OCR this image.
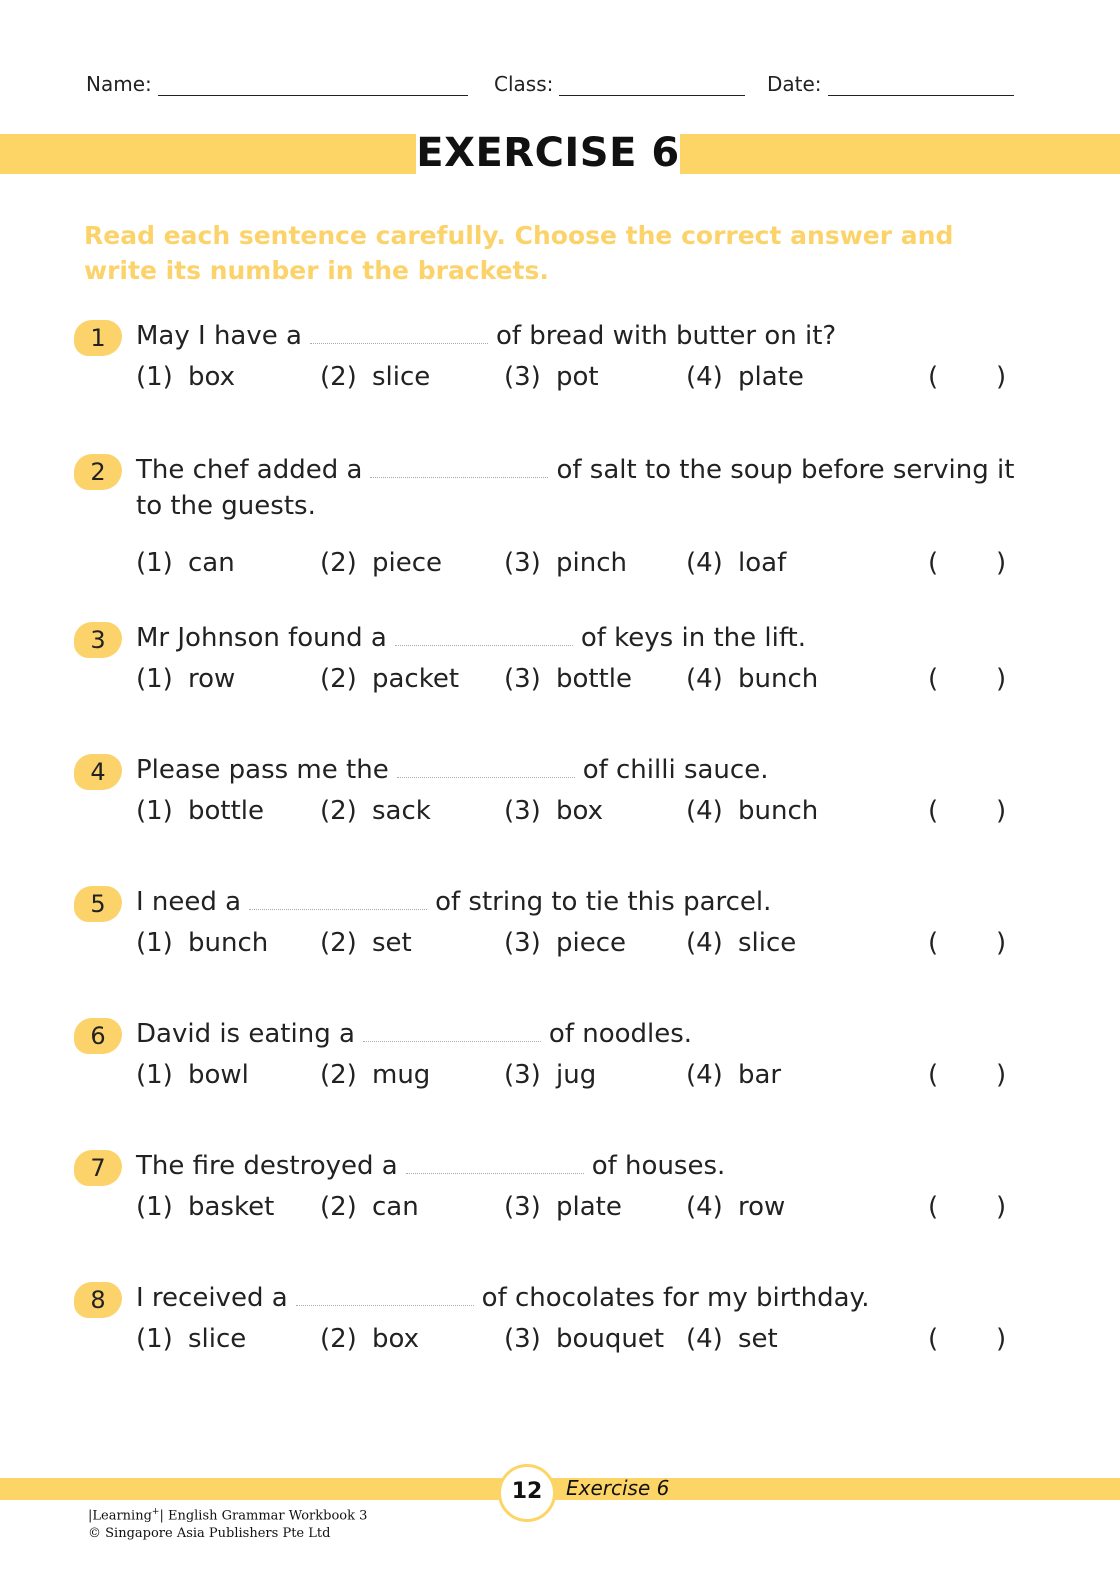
Name:	Class:	Date:
EXERCISE 6
Read each sentence carefully. Choose the correct answer and write its number in the brackets.
1	May I have a	of bread with butter on it?
(1) box	(2) slice	(3) pot	(4) plate	( )
2	The chef added a	of salt to the soup before serving it to the guests.
(1) can	(2) piece (3) pinch (4) loaf	( )
3	Mr Johnson found a	of keys in the lift.
(1) row	(2) packet (3) bottle (4) bunch	( )
4	Please pass me the	of chilli sauce.
(1) bottle (2) sack	(3) box	(4) bunch	( )
5	I need a	of string to tie this parcel.
(1) bunch (2) set	(3) piece (4) slice	( )
6	David is eating a	of noodles.
(1) bowl	(2) mug	(3) jug	(4) bar	( )
7	The fire destroyed a	of houses.
(1) basket (2) can	(3) plate (4) row	( )
8	I received a	of chocolates for my birthday.
(1) slice	(2) box	(3) bouquet (4) set	( )
12	Exercise 6
|Learning+| English Grammar Workbook 3
© Singapore Asia Publishers Pte Ltd
